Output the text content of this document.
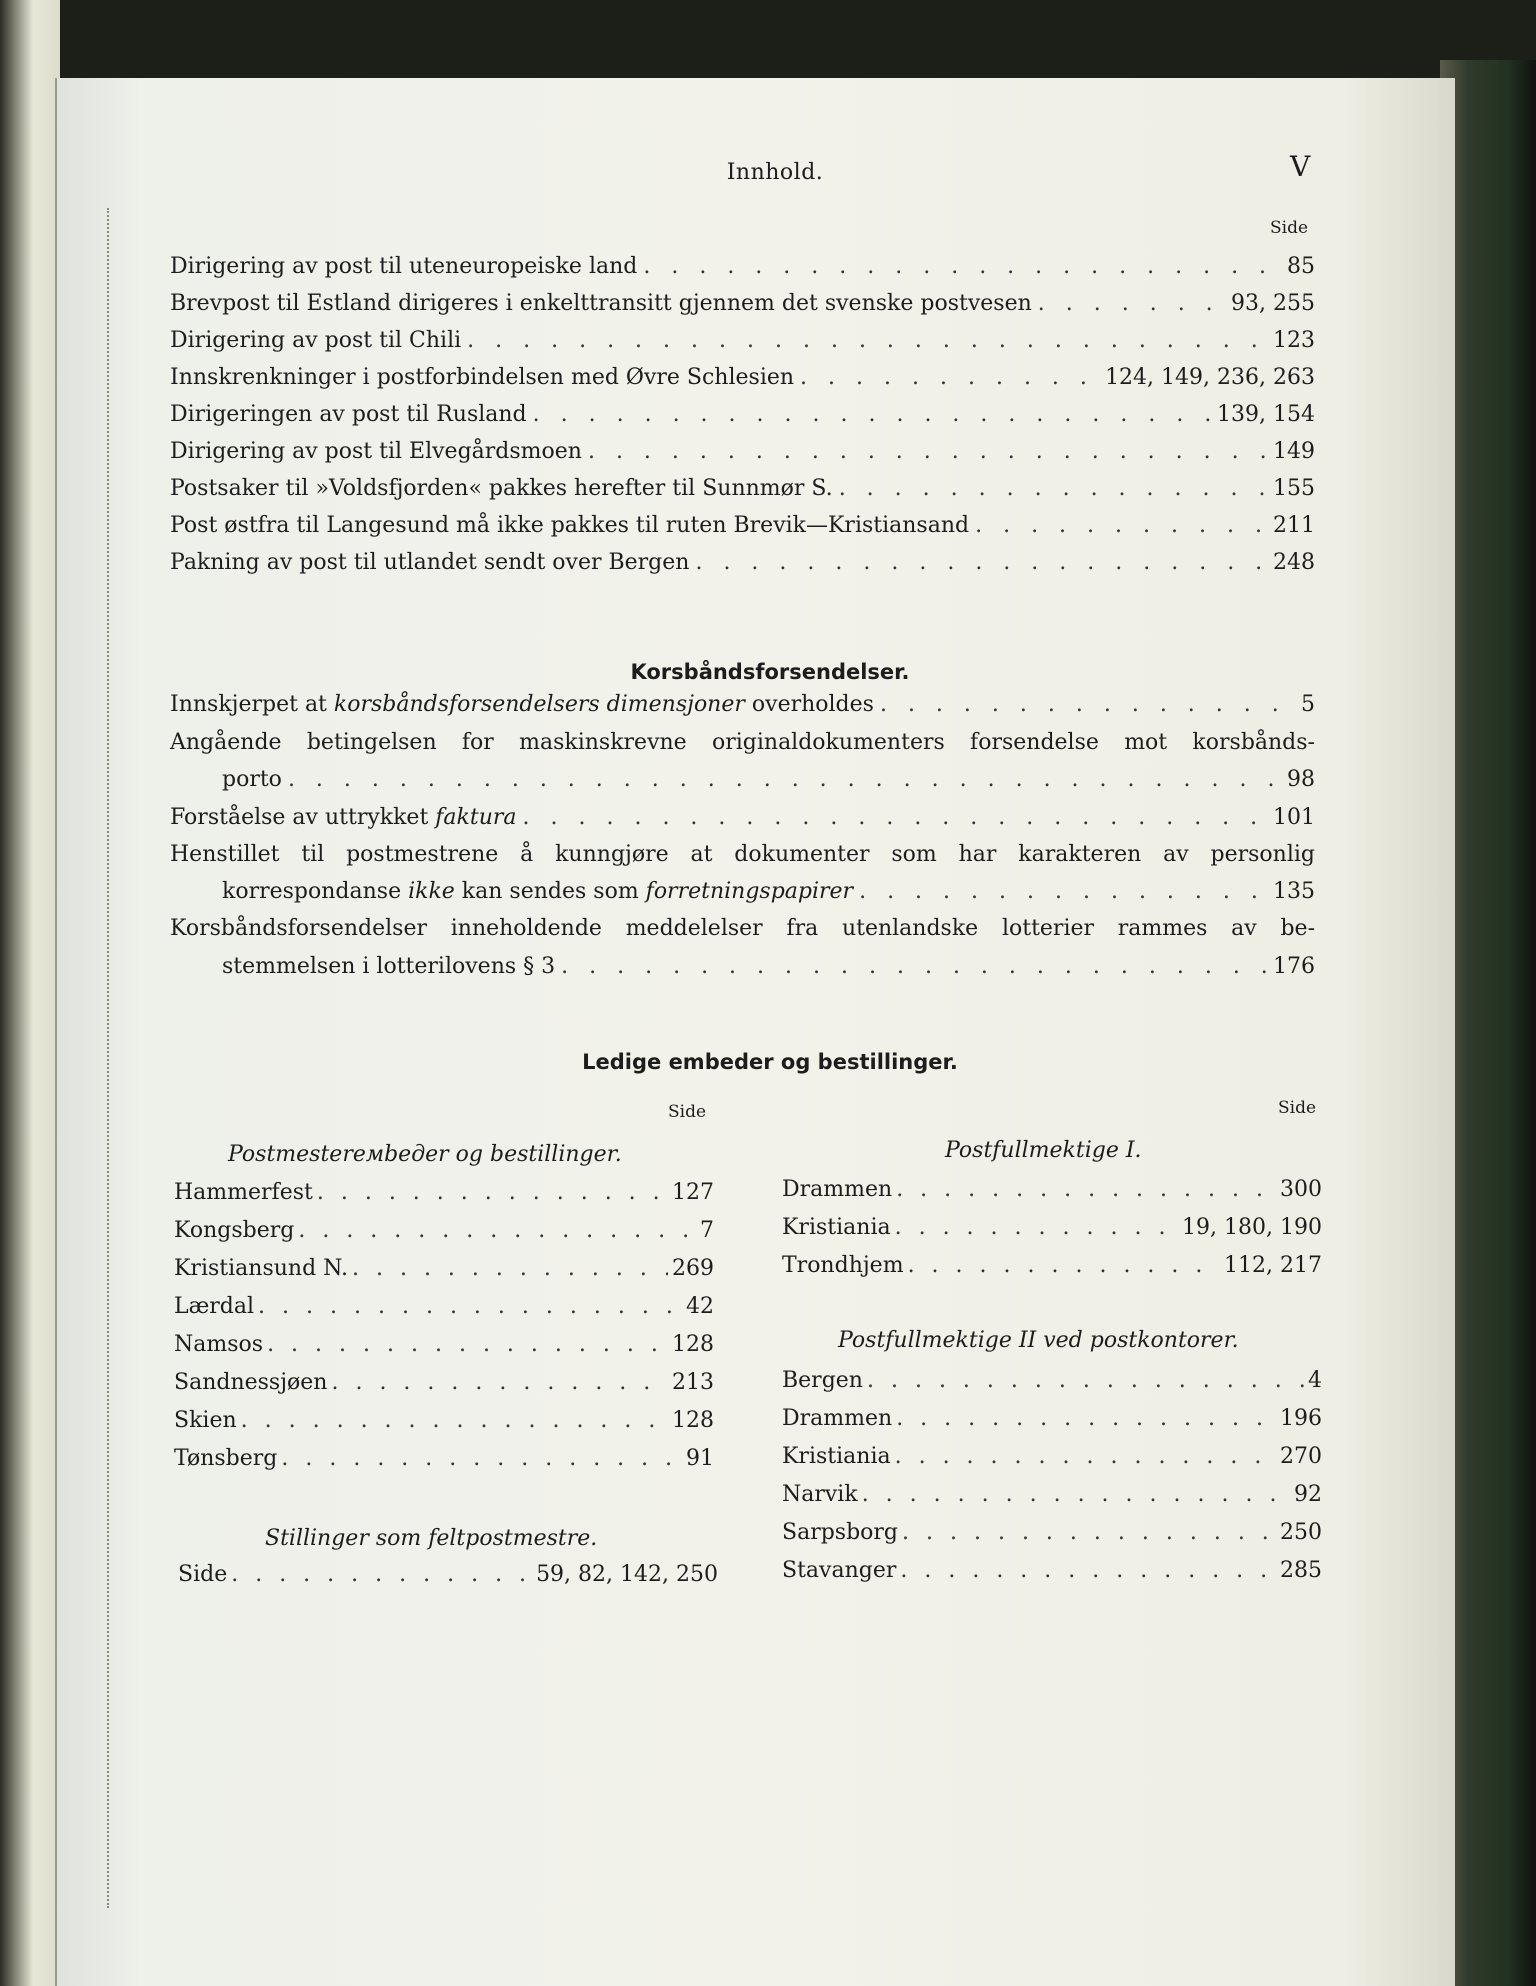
Innhold.	V
Side
Dirigering av post til uteneuropeiske land . . .	85
Brevpost til Estland dirigeres i enkelttransitt gjennem det svenske postvesen . . .	93, 255
Dirigering av post til Chili . . .	123
Innskrenkninger i postforbindelsen med Øvre Schlesien . . .	124, 149, 236, 263
Dirigeringen av post til Rusland . . .	139, 154
Dirigering av post til Elvegårdsmoen . . .	149
Postsaker til »Voldsfjorden« pakkes herefter til Sunnmør S. . . .	155
Post østfra til Langesund må ikke pakkes til ruten Brevik—Kristiansand . . .	211
Pakning av post til utlandet sendt over Bergen . . .	248
Korsbåndsforsendelser.
Innskjerpet at korsbåndsforsendelsers dimensjoner overholdes . . .	5
Angående betingelsen for maskinskrevne originaldokumenters forsendelse mot korsbånds-
porto . . .	98
Forståelse av uttrykket faktura . . .	101
Henstillet til postmestrene å kunngjøre at dokumenter som har karakteren av personlig
korrespondanse ikke kan sendes som forretningspapirer . . .	135
Korsbåndsforsendelser inneholdende meddelelser fra utenlandske lotterier rammes av be-
stemmelsen i lotterilovens § 3 . . .	176
Ledige embeder og bestillinger.
Side
Postmestereмbeдer og bestillinger.
Hammerfest . . .	127
Kongsberg . . .	7
Kristiansund N. . . .	269
Lærdal . . .	42
Namsos . . .	128
Sandnessjøen . . .	213
Skien . . .	128
Tønsberg . . .	91
Stillinger som feltpostmestre.
Side . . .	59, 82, 142, 250
Side
Postfullmektige I.
Drammen . . .	300
Kristiania . . .	19, 180, 190
Trondhjem . . .	112, 217
Postfullmektige II ved postkontorer.
Bergen . . .	4
Drammen . . .	196
Kristiania . . .	270
Narvik . . .	92
Sarpsborg . . .	250
Stavanger . . .	285
